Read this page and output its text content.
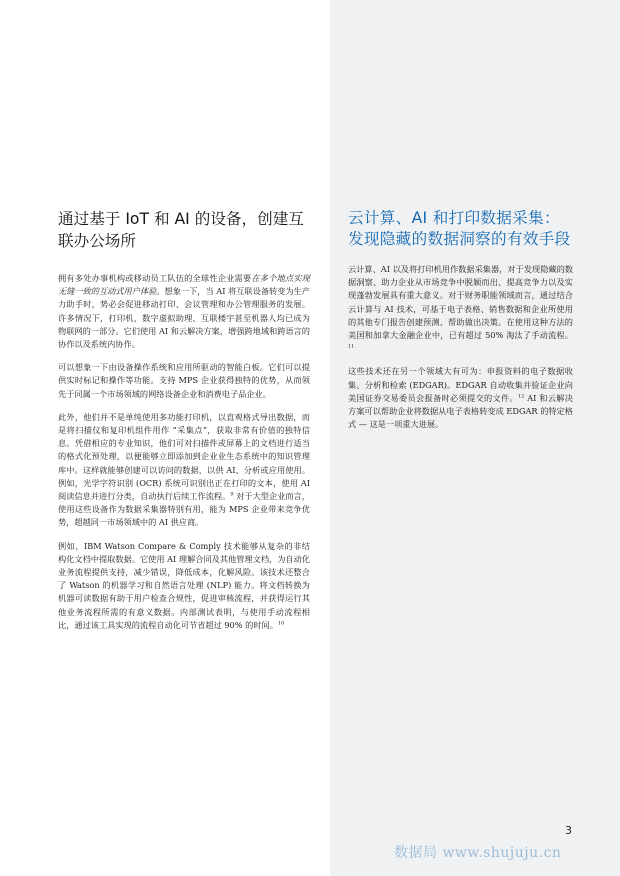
通过基于 IoT 和 AI 的设备，创建互联办公场所

拥有多处办事机构或移动员工队伍的全球性企业需要在多个地点实现无缝一致的互动式用户体验。想象一下，当 AI 将互联设备转变为生产力助手时，势必会促进移动打印、会议管理和办公管理服务的发展。许多情况下，打印机、数字虚拟助理、互联楼宇甚至机器人均已成为物联网的一部分。它们使用 AI 和云解决方案，增强跨地域和跨语言的协作以及系统内协作。

可以想象一下由设备操作系统和应用所驱动的智能白板。它们可以提供实时标记和操作等功能。支持 MPS 企业获得独特的优势，从而领先于同属一个市场领域的网络设备企业和消费电子品企业。

此外，他们并不是单纯使用多功能打印机，以直观格式导出数据，而是将扫描仪和复印机组件用作 “采集点”，获取非常有价值的独特信息。凭借相应的专业知识，他们可对扫描件或屏幕上的文档进行适当的格式化预处理，以便能够立即添加到企业业生态系统中的知识管理库中。这样就能够创建可以访问的数据，以供 AI、分析或应用使用。例如，光学字符识别 (OCR) 系统可识别出正在打印的文本，使用 AI 阅读信息并进行分类，自动执行后续工作流程。$^9$ 对于大型企业而言，使用这些设备作为数据采集器特别有用，能为 MPS 企业带来竞争优势，超越同一市场领域中的 AI 供应商。

例如，IBM Watson Compare & Comply 技术能够从复杂的非结构化文档中提取数据。它使用 AI 理解合同及其他管理文档，为自动化业务流程提供支持，减少错误，降低成本，化解风险。该技术还整合了 Watson 的机器学习和自然语言处理 (NLP) 能力。将文档转换为机器可读数据有助于用户检查合规性，促进审核流程，并获得运行其他业务流程所需的有意义数据。内部测试表明，与使用手动流程相比，通过该工具实现的流程自动化可节省超过 90% 的时间。$^{10}$

云计算、AI 和打印数据采集：发现隐藏的数据洞察的有效手段

云计算、AI 以及将打印机用作数据采集器，对于发现隐藏的数据洞察、助力企业从市场竞争中脱颖而出、提高竞争力以及实现蓬勃发展具有重大意义。对于财务职能领域而言，通过结合云计算与 AI 技术，可基于电子表格、销售数据和企业所使用的其他专门报告创建预测、帮助做出决策。在使用这种方法的美国和加拿大金融企业中，已有超过 50% 淘汰了手动流程。$^{11}$

这些技术还在另一个领域大有可为：申报资料的电子数据收集、分析和检索 (EDGAR)。EDGAR 自动收集并验证企业向美国证券交易委员会报备时必须提交的文件。$^{12}$ AI 和云解决方案可以帮助企业将数据从电子表格转变成 EDGAR 的特定格式 — 这是一项重大进展。

3
数据局 www.shujuju.cn
